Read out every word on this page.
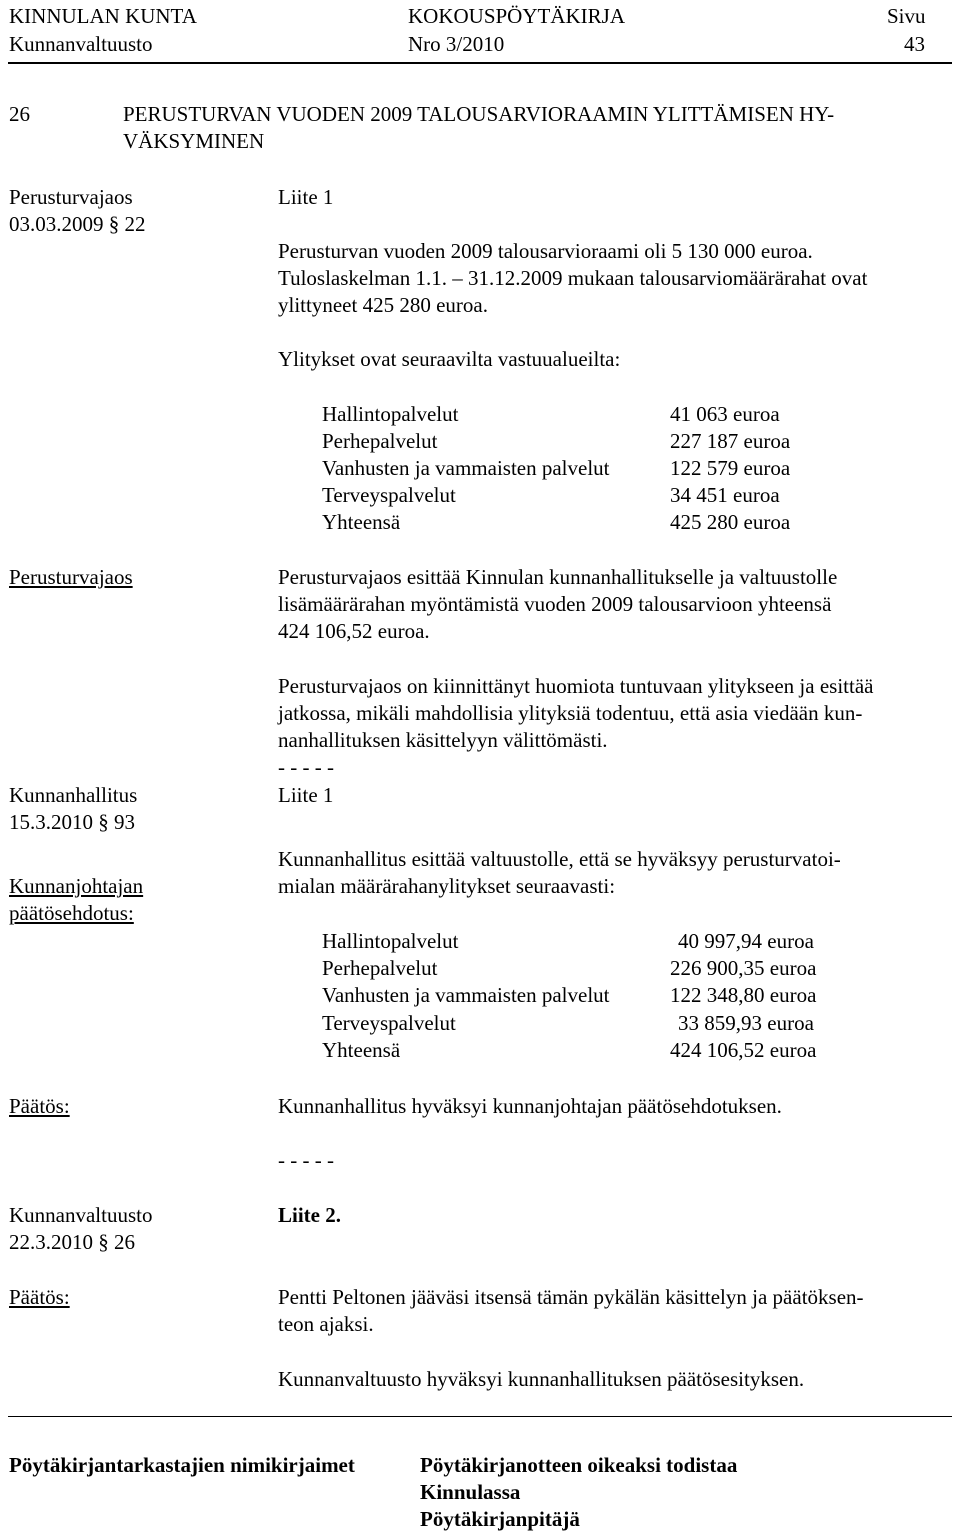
KINNULAN KUNTA	KOKOUSPÖYTÄKIRJA	Sivu
Kunnanvaltuusto	Nro 3/2010	43
26	PERUSTURVAN VUODEN 2009 TALOUSARVIORAAMIN YLITTÄMISEN HY-
VÄKSYMINEN
Perusturvajaos
03.03.2009 § 22
Liite 1
Perusturvan vuoden 2009 talousarvioraami oli 5 130 000 euroa.
Tuloslaskelman 1.1. – 31.12.2009 mukaan talousarviomäärärahat ovat
ylittyneet 425 280 euroa.
Ylitykset ovat seuraavilta vastuualueilta:
Hallintopalvelut	41 063 euroa
Perhepalvelut	227 187 euroa
Vanhusten ja vammaisten palvelut	122 579 euroa
Terveyspalvelut	34 451 euroa
Yhteensä	425 280 euroa
Perusturvajaos	Perusturvajaos esittää Kinnulan kunnanhallitukselle ja valtuustolle
lisämäärärahan myöntämistä vuoden 2009 talousarvioon yhteensä
424 106,52 euroa.
Perusturvajaos on kiinnittänyt huomiota tuntuvaan ylitykseen ja esittää
jatkossa, mikäli mahdollisia ylityksiä todentuu, että asia viedään kun-
nanhallituksen käsittelyyn välittömästi.
- - - - -
Kunnanhallitus
15.3.2010 § 93
Liite 1
Kunnanjohtajan
päätösehdotus:
Kunnanhallitus esittää valtuustolle, että se hyväksyy perusturvatoi-
mialan määrärahanylitykset seuraavasti:
Hallintopalvelut	40 997,94 euroa
Perhepalvelut	226 900,35 euroa
Vanhusten ja vammaisten palvelut	122 348,80 euroa
Terveyspalvelut	33 859,93 euroa
Yhteensä	424 106,52 euroa
Päätös:	Kunnanhallitus hyväksyi kunnanjohtajan päätösehdotuksen.
- - - - -
Kunnanvaltuusto
22.3.2010 § 26
Liite 2.
Päätös:	Pentti Peltonen jääväsi itsensä tämän pykälän käsittelyn ja päätöksen-
teon ajaksi.
Kunnanvaltuusto hyväksyi kunnanhallituksen päätösesityksen.
Pöytäkirjantarkastajien nimikirjaimet	Pöytäkirjanotteen oikeaksi todistaa
Kinnulassa
Pöytäkirjanpitäjä
